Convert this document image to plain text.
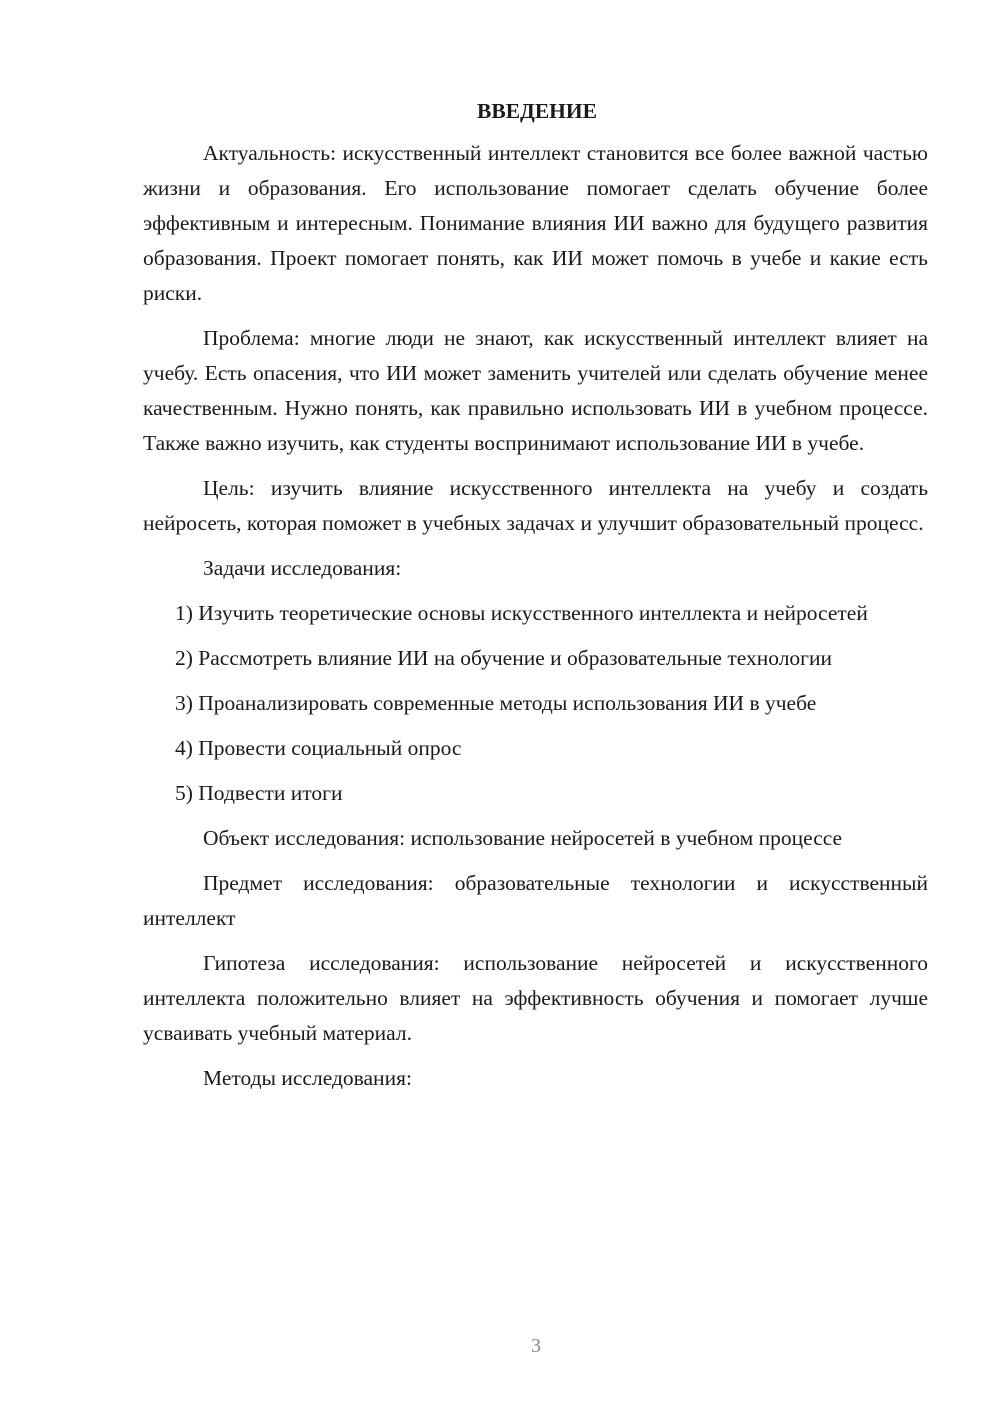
ВВЕДЕНИЕ

Актуальность: искусственный интеллект становится все более важной частью жизни и образования. Его использование помогает сделать обучение более эффективным и интересным. Понимание влияния ИИ важно для будущего развития образования. Проект помогает понять, как ИИ может помочь в учебе и какие есть риски.

Проблема: многие люди не знают, как искусственный интеллект влияет на учебу. Есть опасения, что ИИ может заменить учителей или сделать обучение менее качественным. Нужно понять, как правильно использовать ИИ в учебном процессе. Также важно изучить, как студенты воспринимают использование ИИ в учебе.

Цель: изучить влияние искусственного интеллекта на учебу и создать нейросеть, которая поможет в учебных задачах и улучшит образовательный процесс.

Задачи исследования:

1) Изучить теоретические основы искусственного интеллекта и нейросетей

2) Рассмотреть влияние ИИ на обучение и образовательные технологии

3) Проанализировать современные методы использования ИИ в учебе

4) Провести социальный опрос

5) Подвести итоги

Объект исследования: использование нейросетей в учебном процессе

Предмет исследования: образовательные технологии и искусственный интеллект

Гипотеза исследования: использование нейросетей и искусственного интеллекта положительно влияет на эффективность обучения и помогает лучше усваивать учебный материал.

Методы исследования:

3
